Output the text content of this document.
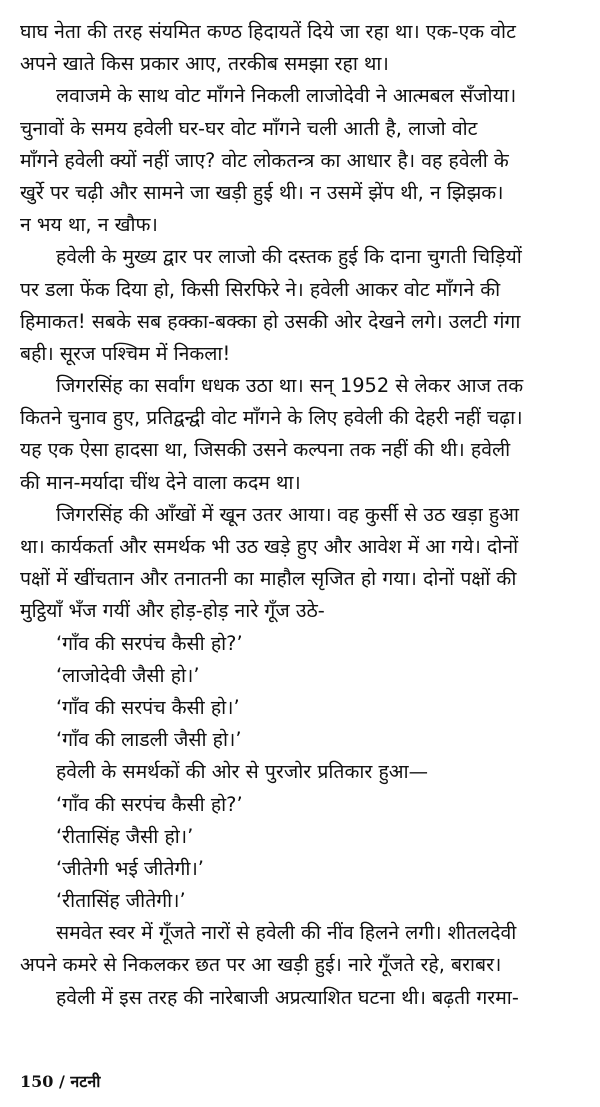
घाघ नेता की तरह संयमित कण्ठ हिदायतें दिये जा रहा था। एक-एक वोट
अपने खाते किस प्रकार आए, तरकीब समझा रहा था।
लवाजमे के साथ वोट माँगने निकली लाजोदेवी ने आत्मबल सँजोया।
चुनावों के समय हवेली घर-घर वोट माँगने चली आती है, लाजो वोट
माँगने हवेली क्यों नहीं जाए? वोट लोकतन्त्र का आधार है। वह हवेली के
खुर्रे पर चढ़ी और सामने जा खड़ी हुई थी। न उसमें झेंप थी, न झिझक।
न भय था, न खौफ।
हवेली के मुख्य द्वार पर लाजो की दस्तक हुई कि दाना चुगती चिड़ियों
पर डला फेंक दिया हो, किसी सिरफिरे ने। हवेली आकर वोट माँगने की
हिमाकत! सबके सब हक्का-बक्का हो उसकी ओर देखने लगे। उलटी गंगा
बही। सूरज पश्चिम में निकला!
जिगरसिंह का सर्वांग धधक उठा था। सन् 1952 से लेकर आज तक
कितने चुनाव हुए, प्रतिद्वन्द्वी वोट माँगने के लिए हवेली की देहरी नहीं चढ़ा।
यह एक ऐसा हादसा था, जिसकी उसने कल्पना तक नहीं की थी। हवेली
की मान-मर्यादा चींथ देने वाला कदम था।
जिगरसिंह की आँखों में खून उतर आया। वह कुर्सी से उठ खड़ा हुआ
था। कार्यकर्ता और समर्थक भी उठ खड़े हुए और आवेश में आ गये। दोनों
पक्षों में खींचतान और तनातनी का माहौल सृजित हो गया। दोनों पक्षों की
मुट्ठियाँ भँज गयीं और होड़-होड़ नारे गूँज उठे-
‘गाँव की सरपंच कैसी हो?’
‘लाजोदेवी जैसी हो।’
‘गाँव की सरपंच कैसी हो।’
‘गाँव की लाडली जैसी हो।’
हवेली के समर्थकों की ओर से पुरजोर प्रतिकार हुआ—
‘गाँव की सरपंच कैसी हो?’
‘रीतासिंह जैसी हो।’
‘जीतेगी भई जीतेगी।’
‘रीतासिंह जीतेगी।’
समवेत स्वर में गूँजते नारों से हवेली की नींव हिलने लगी। शीतलदेवी
अपने कमरे से निकलकर छत पर आ खड़ी हुई। नारे गूँजते रहे, बराबर।
हवेली में इस तरह की नारेबाजी अप्रत्याशित घटना थी। बढ़ती गरमा-
150 / नटनी
